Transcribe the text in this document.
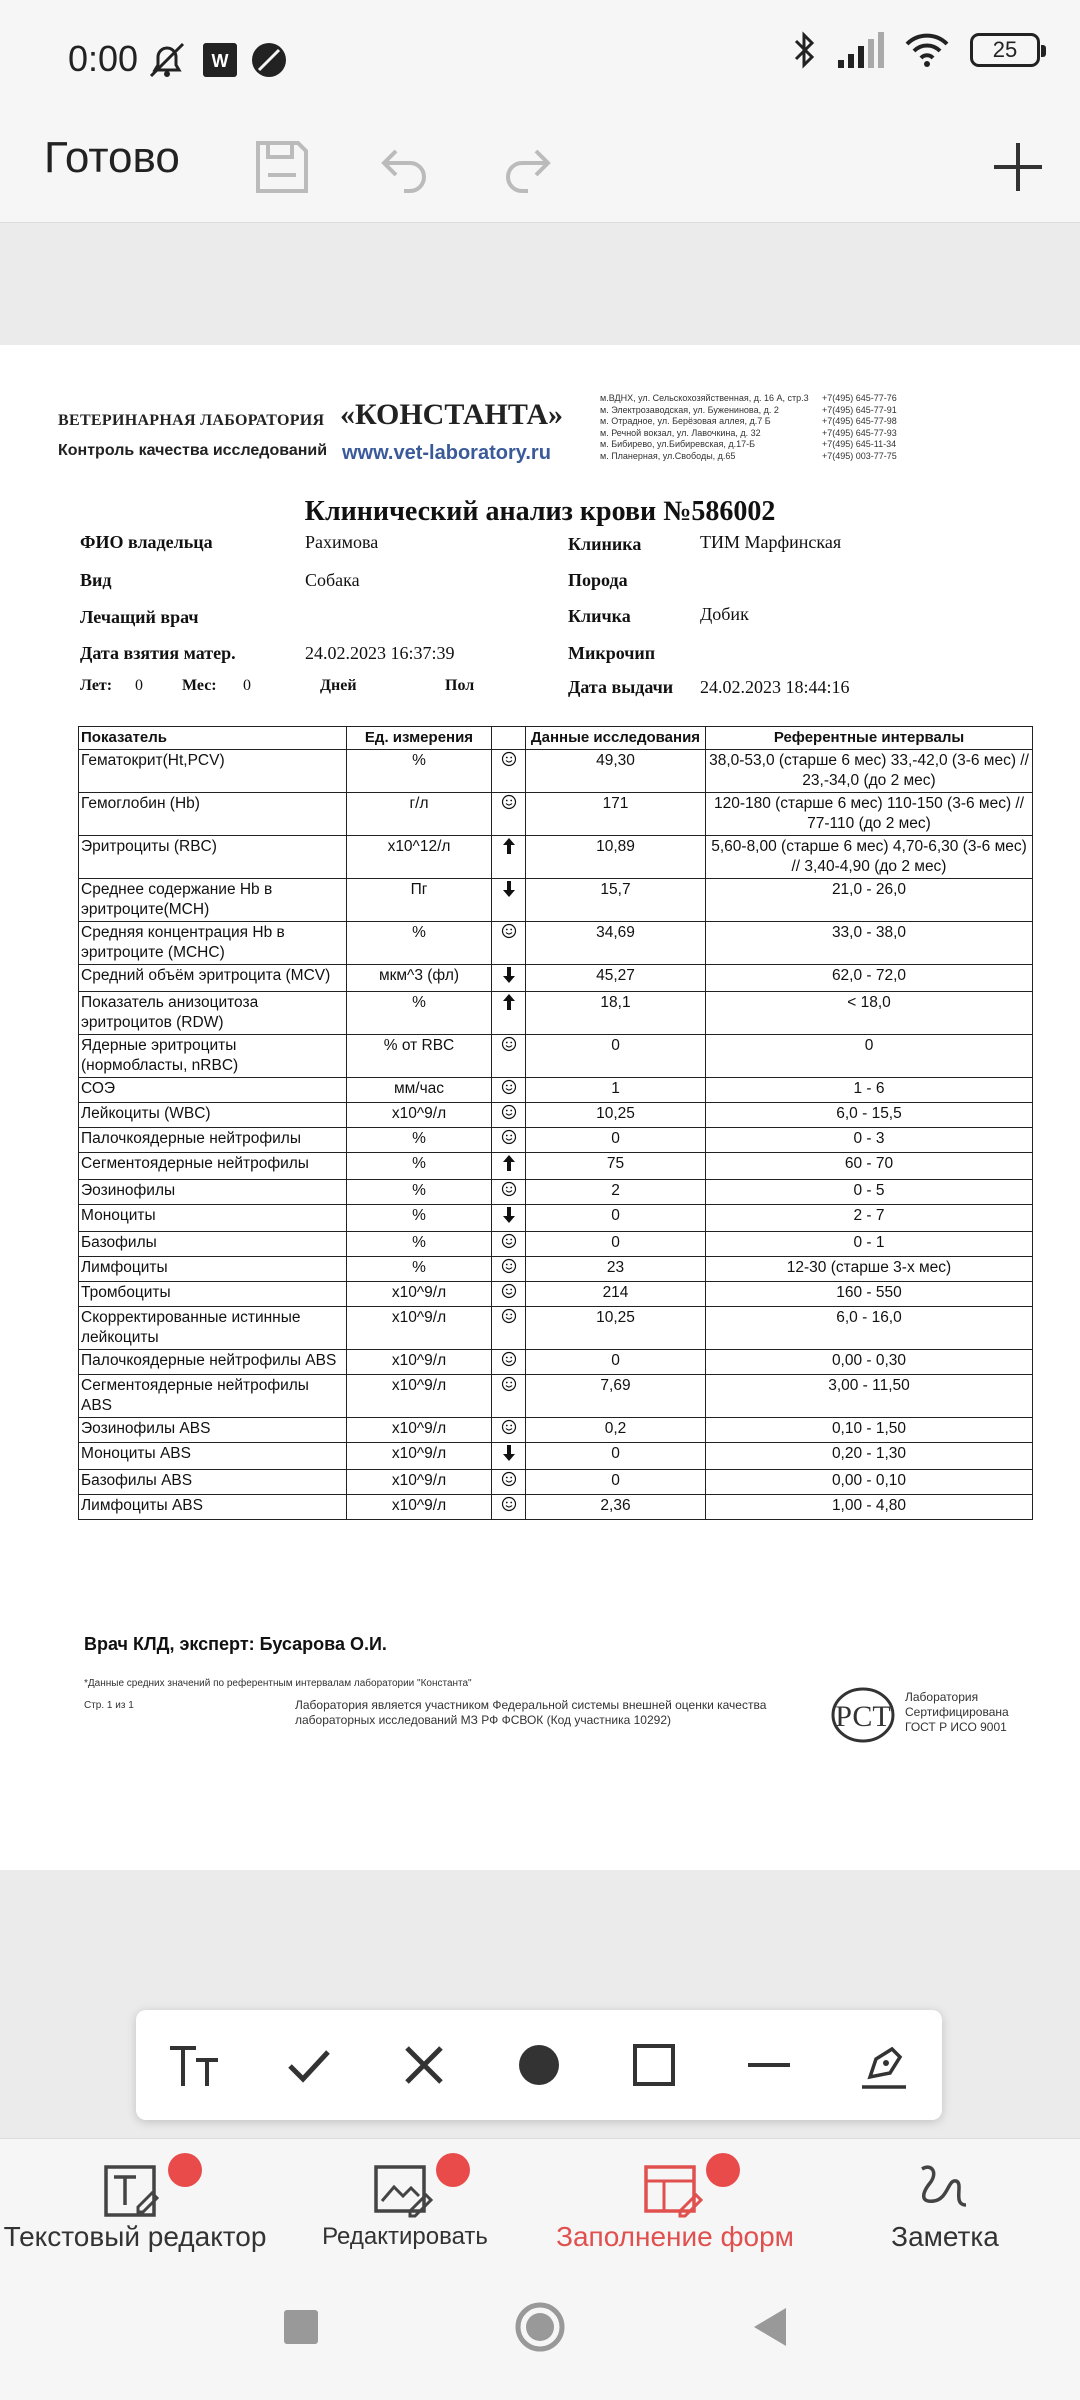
0:00	W	25
Готово
ВЕТЕРИНАРНАЯ ЛАБОРАТОРИЯ «КОНСТАНТА»
Контроль качества исследований www.vet-laboratory.ru
м.ВДНХ, ул. Сельскохозяйственная, д. 16 А, стр.3
м. Электрозаводская, ул. Буженинова, д. 2
м. Отрадное, ул. Берёзовая аллея, д.7 Б
м. Речной вокзал, ул. Лавочкина, д. 32
м. Бибирево, ул.Бибиревская, д.17-Б
м. Планерная, ул.Свободы, д.65
+7(495) 645-77-76
+7(495) 645-77-91
+7(495) 645-77-98
+7(495) 645-77-93
+7(495) 645-11-34
+7(495) 003-77-75
Клинический анализ крови №586002
ФИО владельца	Рахимова	Клиника	ТИМ Марфинская
Вид	Собака	Порода
Лечащий врач	Кличка	Добик
Дата взятия матер.	24.02.2023 16:37:39	Микрочип
Лет: 0 Мес: 0	Дней	Пол	Дата выдачи 24.02.2023 18:44:16
Показатель	Ед. измерения		Данные исследования	Референтные интервалы
Гематокрит(Ht,PCV)	%		49,30	38,0-53,0 (старше 6 мес) 33,-42,0 (3-6 мес) // 23,-34,0 (до 2 мес)
Гемоглобин (Hb)	г/л		171	120-180 (старше 6 мес) 110-150 (3-6 мес) // 77-110 (до 2 мес)
Эритроциты (RBC)	x10^12/л		10,89	5,60-8,00 (старше 6 мес) 4,70-6,30 (3-6 мес) // 3,40-4,90 (до 2 мес)
Среднее содержание Hb в эритроците(MCH)	Пг		15,7	21,0 - 26,0
Средняя концентрация Hb в эритроците (MCHC)	%		34,69	33,0 - 38,0
Средний объём эритроцита (MCV)	мкм^3 (фл)		45,27	62,0 - 72,0
Показатель анизоцитоза эритроцитов (RDW)	%		18,1	< 18,0
Ядерные эритроциты (нормобласты, nRBC)	% от RBC		0	0
СОЭ	мм/час		1	1 - 6
Лейкоциты (WBC)	x10^9/л		10,25	6,0 - 15,5
Палочкоядерные нейтрофилы	%		0	0 - 3
Сегментоядерные нейтрофилы	%		75	60 - 70
Эозинофилы	%		2	0 - 5
Моноциты	%		0	2 - 7
Базофилы	%		0	0 - 1
Лимфоциты	%		23	12-30 (старше 3-х мес)
Тромбоциты	x10^9/л		214	160 - 550
Скорректированные истинные лейкоциты	x10^9/л		10,25	6,0 - 16,0
Палочкоядерные нейтрофилы ABS	x10^9/л		0	0,00 - 0,30
Сегментоядерные нейтрофилы ABS	x10^9/л		7,69	3,00 - 11,50
Эозинофилы ABS	x10^9/л		0,2	0,10 - 1,50
Моноциты ABS	x10^9/л		0	0,20 - 1,30
Базофилы ABS	x10^9/л		0	0,00 - 0,10
Лимфоциты ABS	x10^9/л		2,36	1,00 - 4,80
Врач КЛД, эксперт: Бусарова О.И.
*Данные средних значений по референтным интервалам лаборатории "Константа"
Стр. 1 из 1	Лаборатория является участником Федеральной системы внешней оценки качества лабораторных исследований МЗ РФ ФСВОК (Код участника 10292)	РСТ
Лаборатория
Сертифицирована
ГОСТ Р ИСО 9001
Текстовый редактор	Редактировать	Заполнение форм	Заметка
